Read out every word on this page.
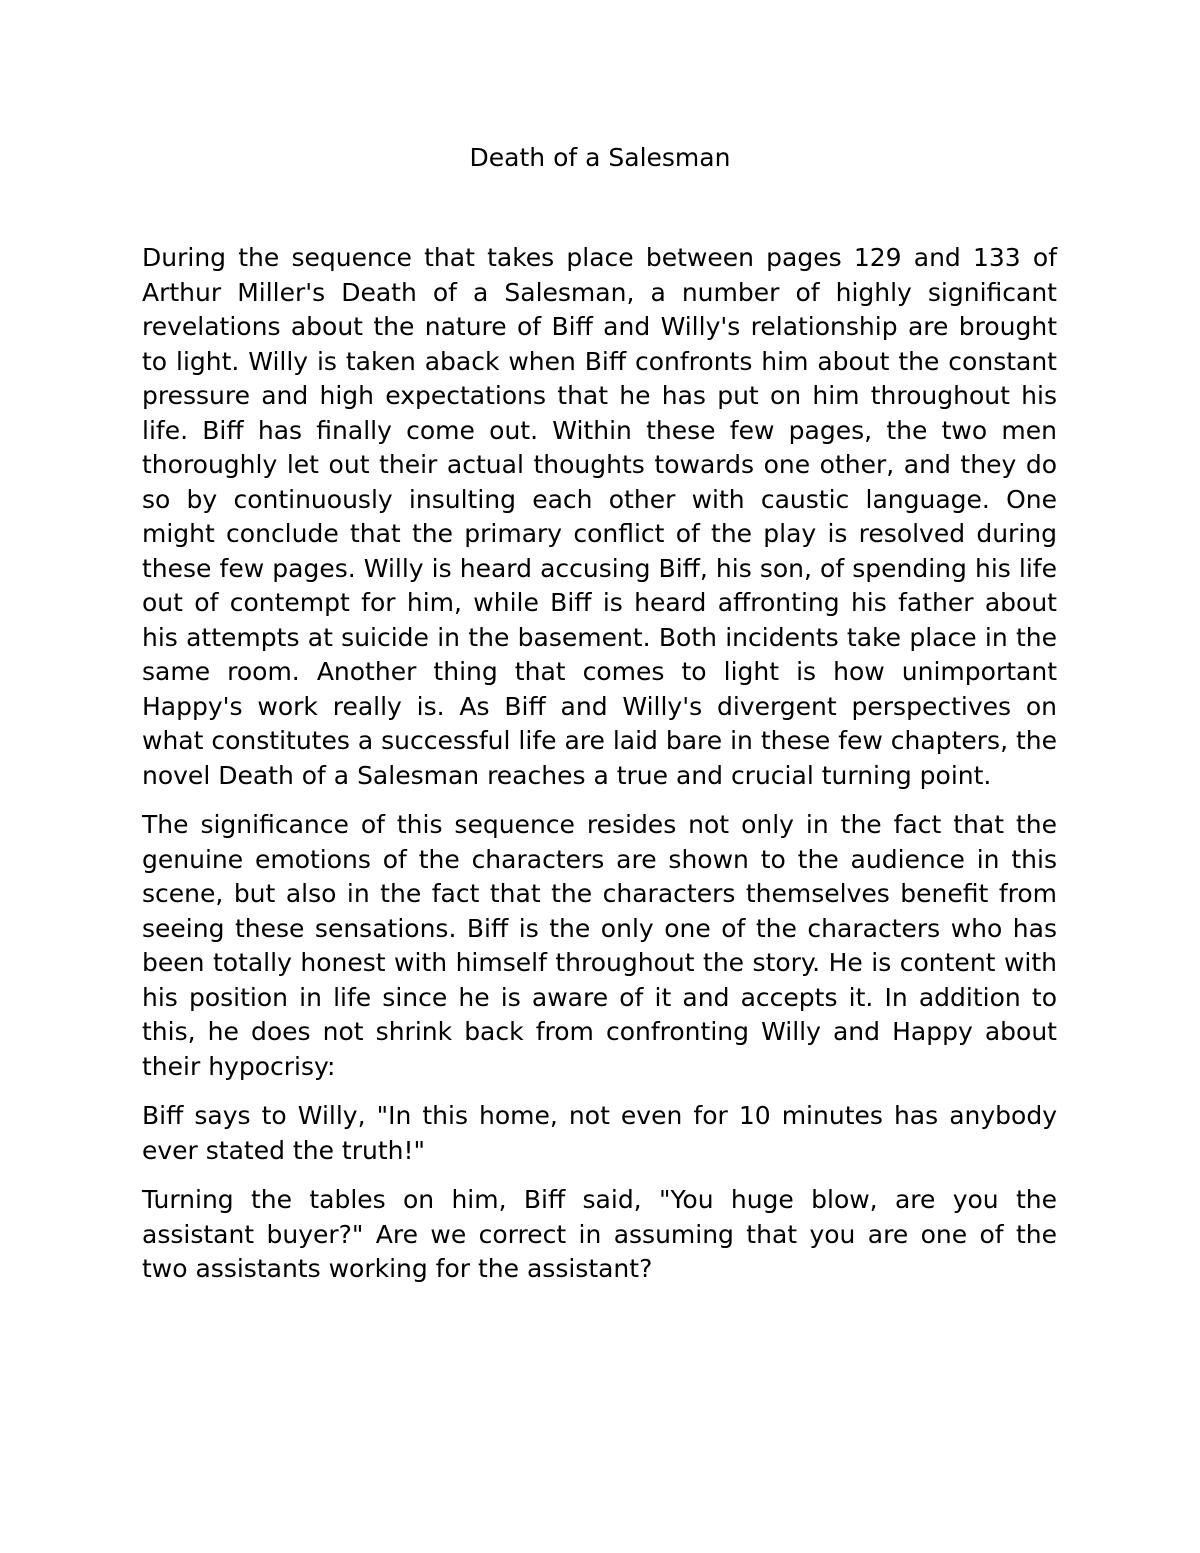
Death of a Salesman

During the sequence that takes place between pages 129 and 133 of Arthur Miller's Death of a Salesman, a number of highly significant revelations about the nature of Biff and Willy's relationship are brought to light. Willy is taken aback when Biff confronts him about the constant pressure and high expectations that he has put on him throughout his life. Biff has finally come out. Within these few pages, the two men thoroughly let out their actual thoughts towards one other, and they do so by continuously insulting each other with caustic language. One might conclude that the primary conflict of the play is resolved during these few pages. Willy is heard accusing Biff, his son, of spending his life out of contempt for him, while Biff is heard affronting his father about his attempts at suicide in the basement. Both incidents take place in the same room. Another thing that comes to light is how unimportant Happy's work really is. As Biff and Willy's divergent perspectives on what constitutes a successful life are laid bare in these few chapters, the novel Death of a Salesman reaches a true and crucial turning point.

The significance of this sequence resides not only in the fact that the genuine emotions of the characters are shown to the audience in this scene, but also in the fact that the characters themselves benefit from seeing these sensations. Biff is the only one of the characters who has been totally honest with himself throughout the story. He is content with his position in life since he is aware of it and accepts it. In addition to this, he does not shrink back from confronting Willy and Happy about their hypocrisy:

Biff says to Willy, "In this home, not even for 10 minutes has anybody ever stated the truth!"

Turning the tables on him, Biff said, "You huge blow, are you the assistant buyer?" Are we correct in assuming that you are one of the two assistants working for the assistant?
